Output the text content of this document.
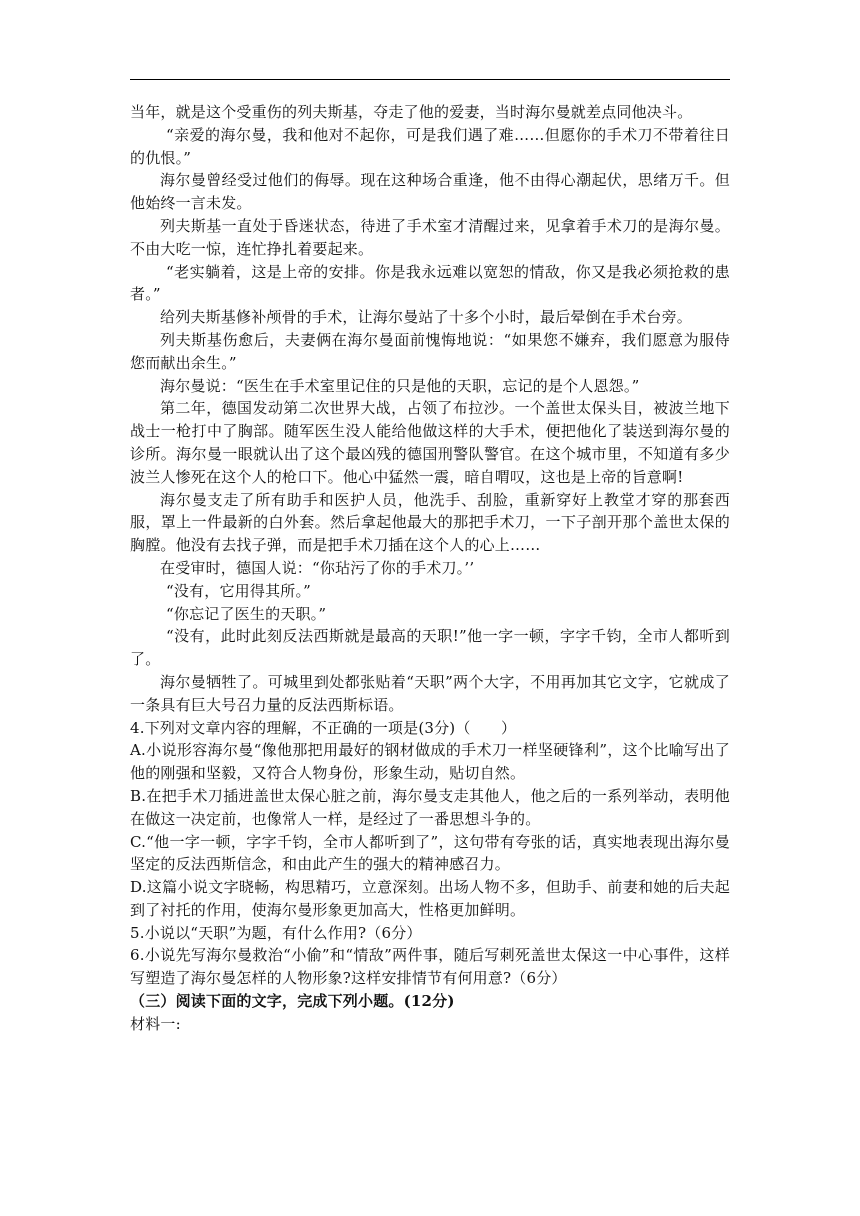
当年，就是这个受重伤的列夫斯基，夺走了他的爱妻，当时海尔曼就差点同他决斗。

“亲爱的海尔曼，我和他对不起你，可是我们遇了难……但愿你的手术刀不带着往日的仇恨。”

海尔曼曾经受过他们的侮辱。现在这种场合重逢，他不由得心潮起伏，思绪万千。但他始终一言未发。

列夫斯基一直处于昏迷状态，待进了手术室才清醒过来，见拿着手术刀的是海尔曼。不由大吃一惊，连忙挣扎着要起来。

“老实躺着，这是上帝的安排。你是我永远难以宽恕的情敌，你又是我必须抢救的患者。”

给列夫斯基修补颅骨的手术，让海尔曼站了十多个小时，最后晕倒在手术台旁。

列夫斯基伤愈后，夫妻俩在海尔曼面前愧悔地说：“如果您不嫌弃，我们愿意为服侍您而献出余生。”

海尔曼说：“医生在手术室里记住的只是他的天职，忘记的是个人恩怨。”

第二年，德国发动第二次世界大战，占领了布拉沙。一个盖世太保头目，被波兰地下战士一枪打中了胸部。随军医生没人能给他做这样的大手术，便把他化了装送到海尔曼的诊所。海尔曼一眼就认出了这个最凶残的德国刑警队警官。在这个城市里，不知道有多少波兰人惨死在这个人的枪口下。他心中猛然一震，暗自喟叹，这也是上帝的旨意啊!

海尔曼支走了所有助手和医护人员，他洗手、刮脸，重新穿好上教堂才穿的那套西服，罩上一件最新的白外套。然后拿起他最大的那把手术刀，一下子剖开那个盖世太保的胸膛。他没有去找子弹，而是把手术刀插在这个人的心上……

在受审时，德国人说：“你玷污了你的手术刀。’’

“没有，它用得其所。”

“你忘记了医生的天职。”

“没有，此时此刻反法西斯就是最高的天职!”他一字一顿，字字千钧，全市人都听到了。

海尔曼牺牲了。可城里到处都张贴着“天职”两个大字，不用再加其它文字，它就成了一条具有巨大号召力量的反法西斯标语。

4.下列对文章内容的理解，不正确的一项是(3分)（　　）

A.小说形容海尔曼“像他那把用最好的钢材做成的手术刀一样坚硬锋利”，这个比喻写出了他的刚强和坚毅，又符合人物身份，形象生动，贴切自然。

B.在把手术刀插进盖世太保心脏之前，海尔曼支走其他人，他之后的一系列举动，表明他在做这一决定前，也像常人一样，是经过了一番思想斗争的。

C.“他一字一顿，字字千钧，全市人都听到了”，这句带有夸张的话，真实地表现出海尔曼坚定的反法西斯信念，和由此产生的强大的精神感召力。

D.这篇小说文字晓畅，构思精巧，立意深刻。出场人物不多，但助手、前妻和她的后夫起到了衬托的作用，使海尔曼形象更加高大，性格更加鲜明。

5.小说以“天职”为题，有什么作用?（6分）

6.小说先写海尔曼救治“小偷”和“情敌”两件事，随后写刺死盖世太保这一中心事件，这样写塑造了海尔曼怎样的人物形象?这样安排情节有何用意?（6分）

（三）阅读下面的文字，完成下列小题。(12分)

材料一:
